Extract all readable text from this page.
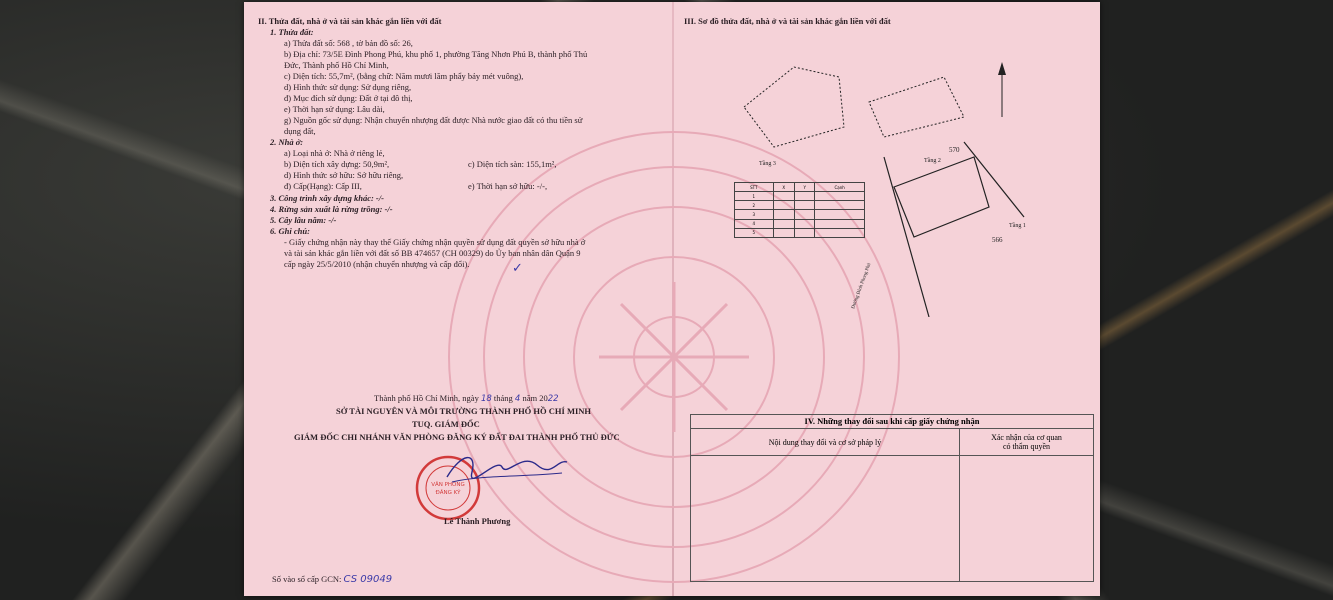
II. Thửa đất, nhà ở và tài sản khác gắn liền với đất
1. Thửa đất:
a) Thửa đất số: 568 , tờ bản đồ số: 26,
b) Địa chỉ: 73/5E Đình Phong Phú, khu phố 1, phường Tăng Nhơn Phú B, thành phố Thủ
Đức, Thành phố Hồ Chí Minh,
c) Diện tích: 55,7m², (bằng chữ: Năm mươi lăm phẩy bảy mét vuông),
d) Hình thức sử dụng: Sử dụng riêng,
đ) Mục đích sử dụng: Đất ở tại đô thị,
e) Thời hạn sử dụng: Lâu dài,
g) Nguồn gốc sử dụng: Nhận chuyển nhượng đất được Nhà nước giao đất có thu tiền sử
dụng đất,
2. Nhà ở:
a) Loại nhà ở: Nhà ở riêng lẻ,
b) Diện tích xây dựng: 50,9m²,	c) Diện tích sàn: 155,1m²,
d) Hình thức sở hữu: Sở hữu riêng,
đ) Cấp(Hạng): Cấp III,	e) Thời hạn sở hữu: -/-,
3. Công trình xây dựng khác: -/-
4. Rừng sản xuất là rừng trồng: -/-
5. Cây lâu năm: -/-
6. Ghi chú:
- Giấy chứng nhận này thay thế Giấy chứng nhận quyền sử dụng đất quyền sở hữu nhà ở
và tài sản khác gắn liền với đất số BB 474657 (CH 00329) do Ủy ban nhân dân Quận 9
cấp ngày 25/5/2010 (nhận chuyển nhượng và cấp đổi).	✓
Thành phố Hồ Chí Minh, ngày 18 tháng 4 năm 2022
SỞ TÀI NGUYÊN VÀ MÔI TRƯỜNG THÀNH PHỐ HỒ CHÍ MINH
TUQ. GIÁM ĐỐC
GIÁM ĐỐC CHI NHÁNH VĂN PHÒNG ĐĂNG KÝ ĐẤT ĐAI THÀNH PHỐ THỦ ĐỨC
VĂN PHÒNG
ĐĂNG KÝ
Lê Thành Phương
Số vào sổ cấp GCN: CS 09049
III. Sơ đồ thửa đất, nhà ở và tài sản khác gắn liền với đất
566
570
Tầng 1
Tầng 2
Tầng 3
Đường Đình Phong Phú
STT	X	Y	Cạnh
1			
2			
3			
4			
5			
IV. Những thay đổi sau khi cấp giấy chứng nhận
Nội dung thay đổi và cơ sở pháp lý	Xác nhận của cơ quan
có thẩm quyền
